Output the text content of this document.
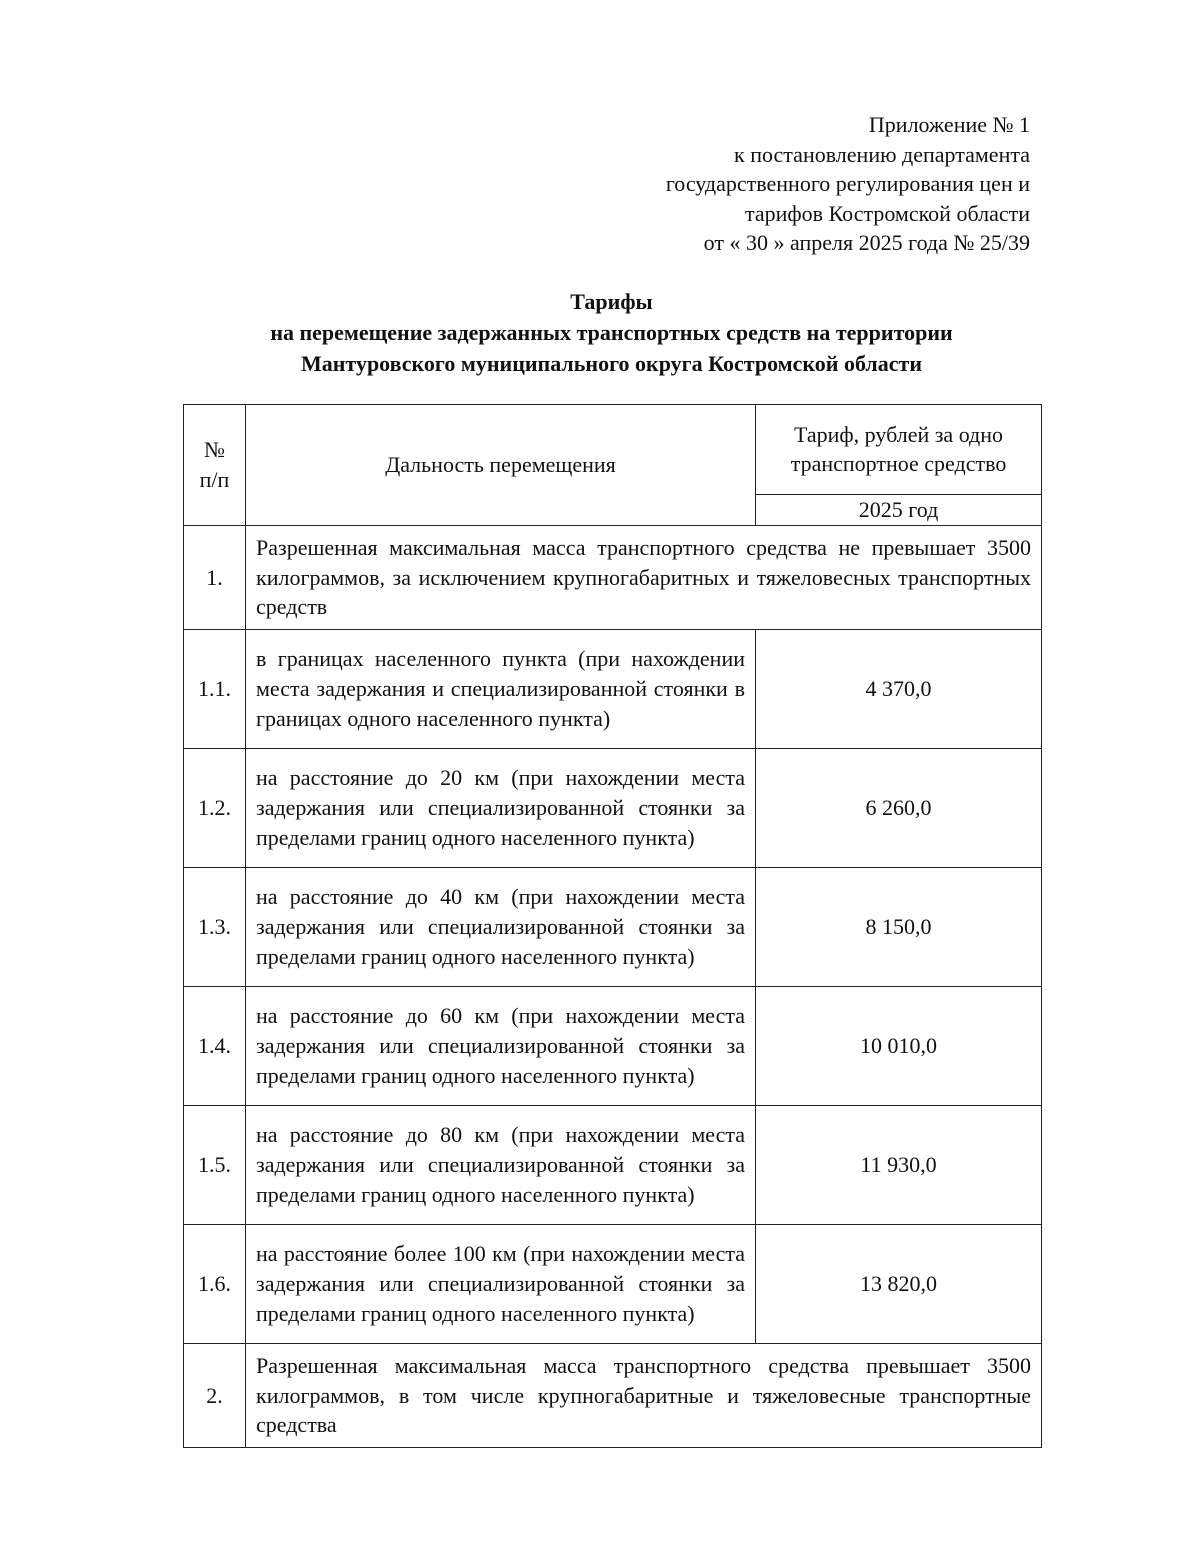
Приложение № 1
к постановлению департамента
государственного регулирования цен и
тарифов Костромской области
от « 30 » апреля 2025 года № 25/39
Тарифы
на перемещение задержанных транспортных средств на территории
Мантуровского муниципального округа Костромской области
№ п/п	Дальность перемещения	Тариф, рублей за одно транспортное средство
		2025 год
1.	Разрешенная максимальная масса транспортного средства не превышает 3500 килограммов, за исключением крупногабаритных и тяжеловесных транспортных средств	
1.1.	в границах населенного пункта (при нахождении места задержания и специализированной стоянки в границах одного населенного пункта)	4 370,0
1.2.	на расстояние до 20 км (при нахождении места задержания или специализированной стоянки за пределами границ одного населенного пункта)	6 260,0
1.3.	на расстояние до 40 км (при нахождении места задержания или специализированной стоянки за пределами границ одного населенного пункта)	8 150,0
1.4.	на расстояние до 60 км (при нахождении места задержания или специализированной стоянки за пределами границ одного населенного пункта)	10 010,0
1.5.	на расстояние до 80 км (при нахождении места задержания или специализированной стоянки за пределами границ одного населенного пункта)	11 930,0
1.6.	на расстояние более 100 км (при нахождении места задержания или специализированной стоянки за пределами границ одного населенного пункта)	13 820,0
2.	Разрешенная максимальная масса транспортного средства превышает 3500 килограммов, в том числе крупногабаритные и тяжеловесные транспортные средства	
